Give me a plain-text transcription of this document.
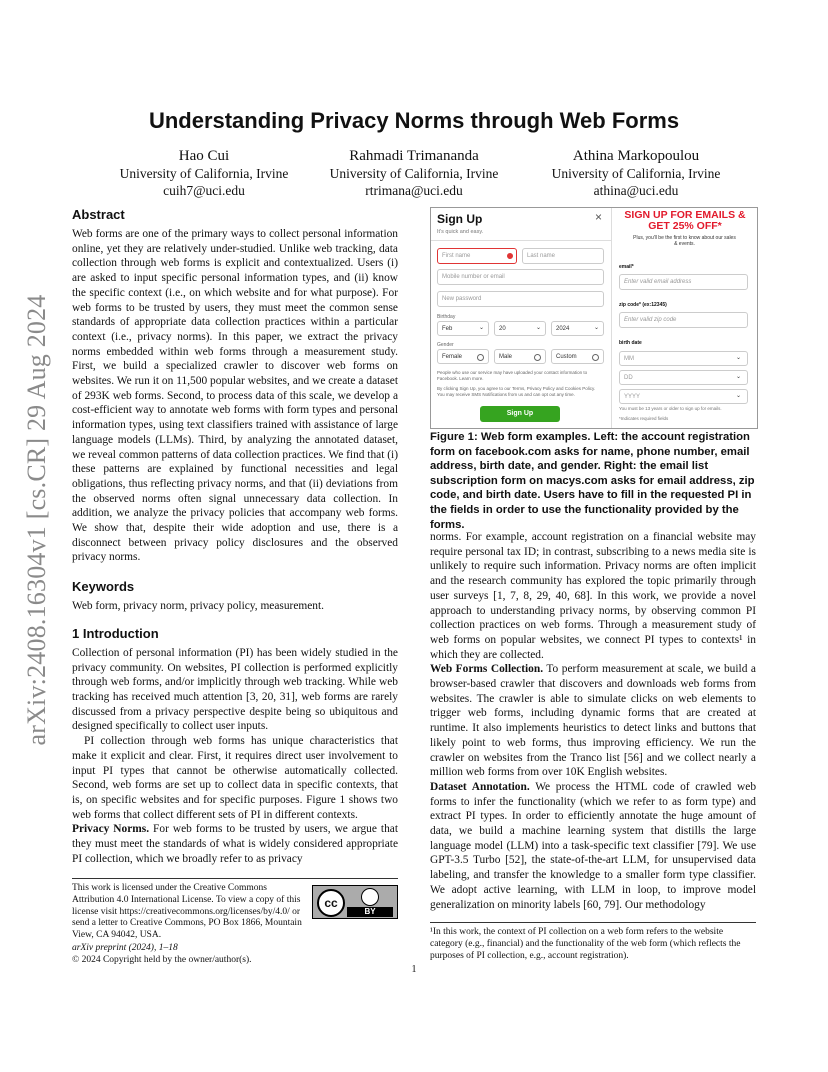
arXiv:2408.16304v1 [cs.CR] 29 Aug 2024
Understanding Privacy Norms through Web Forms
Hao Cui
University of California, Irvine
cuih7@uci.edu
Rahmadi Trimananda
University of California, Irvine
rtrimana@uci.edu
Athina Markopoulou
University of California, Irvine
athina@uci.edu
Abstract

Web forms are one of the primary ways to collect personal information online, yet they are relatively under-studied. Unlike web tracking, data collection through web forms is explicit and contextualized. Users (i) are asked to input specific personal information types, and (ii) know the specific context (i.e., on which website and for what purpose). For web forms to be trusted by users, they must meet the common sense standards of appropriate data collection practices within a particular context (i.e., privacy norms). In this paper, we extract the privacy norms embedded within web forms through a measurement study. First, we build a specialized crawler to discover web forms on websites. We run it on 11,500 popular websites, and we create a dataset of 293K web forms. Second, to process data of this scale, we develop a cost-efficient way to annotate web forms with form types and personal information types, using text classifiers trained with assistance of large language models (LLMs). Third, by analyzing the annotated dataset, we reveal common patterns of data collection practices. We find that (i) these patterns are explained by functional necessities and legal obligations, thus reflecting privacy norms, and that (ii) deviations from the observed norms often signal unnecessary data collection. In addition, we analyze the privacy policies that accompany web forms. We show that, despite their wide adoption and use, there is a disconnect between privacy policy disclosures and the observed privacy norms.

Keywords

Web form, privacy norm, privacy policy, measurement.

1 Introduction

Collection of personal information (PI) has been widely studied in the privacy community. On websites, PI collection is performed explicitly through web forms, and/or implicitly through web tracking. While web tracking has received much attention [3, 20, 31], web forms are rarely discussed from a privacy perspective despite being so ubiquitous and designed specifically to collect user inputs.

PI collection through web forms has unique characteristics that make it explicit and clear. First, it requires direct user involvement to input PI types that cannot be otherwise automatically collected. Second, web forms are set up to collect data in specific contexts, that is, on specific websites and for specific purposes. Figure 1 shows two web forms that collect different sets of PI in different contexts.

Privacy Norms. For web forms to be trusted by users, we argue that they must meet the standards of what is widely considered appropriate PI collection, which we broadly refer to as privacy

This work is licensed under the Creative Commons Attribution 4.0 International License. To view a copy of this license visit https://creativecommons.org/licenses/by/4.0/ or send a letter to Creative Commons, PO Box 1866, Mountain View, CA 94042, USA.

cc
BY

arXiv preprint (2024), 1–18

© 2024 Copyright held by the owner/author(s).

Sign Up	×
It's quick and easy.
First name	Last name
Mobile number or email
New password
Birthday
Feb	⌄	20	⌄	2024	⌄
Gender
Female	Male	Custom
People who use our service may have uploaded your contact information to Facebook. Learn more.
By clicking Sign Up, you agree to our Terms, Privacy Policy and Cookies Policy. You may receive SMS Notifications from us and can opt out any time.
Sign Up
SIGN UP FOR EMAILS & GET 25% OFF*
Plus, you'll be the first to know about our sales & events.
email*
Enter valid email address
zip code* (ex:12345)
Enter valid zip code
birth date
MM	⌄
DD	⌄
YYYY	⌄
You must be 13 years or older to sign up for emails.
*Indicates required fields
Figure 1: Web form examples. Left: the account registration form on facebook.com asks for name, phone number, email address, birth date, and gender. Right: the email list subscription form on macys.com asks for email address, zip code, and birth date. Users have to fill in the requested PI in the fields in order to use the functionality provided by the forms.

norms. For example, account registration on a financial website may require personal tax ID; in contrast, subscribing to a news media site is unlikely to require such information. Privacy norms are often implicit and the research community has explored the topic primarily through user surveys [1, 7, 8, 29, 40, 68]. In this work, we provide a novel approach to understanding privacy norms, by observing common PI collection practices on web forms. Through a measurement study of web forms on popular websites, we connect PI types to contexts¹ in which they are collected.

Web Forms Collection. To perform measurement at scale, we build a browser-based crawler that discovers and downloads web forms from websites. The crawler is able to simulate clicks on web elements to trigger web forms, including dynamic forms that are created at runtime. It also implements heuristics to detect links and buttons that likely point to web forms, thus improving efficiency. We run the crawler on websites from the Tranco list [56] and we collect nearly a million web forms from over 10K English websites.

Dataset Annotation. We process the HTML code of crawled web forms to infer the functionality (which we refer to as form type) and extract PI types. In order to efficiently annotate the huge amount of data, we build a machine learning system that distills the large language model (LLM) into a task-specific text classifier [79]. We use GPT-3.5 Turbo [52], the state-of-the-art LLM, for unsupervised data labeling, and transfer the knowledge to a smaller form type classifier. We adopt active learning, with LLM in loop, to improve model generalization on minority labels [60, 79]. Our methodology

¹In this work, the context of PI collection on a web form refers to the website category (e.g., financial) and the functionality of the web form (which reflects the purposes of PI collection, e.g., account registration).

1
